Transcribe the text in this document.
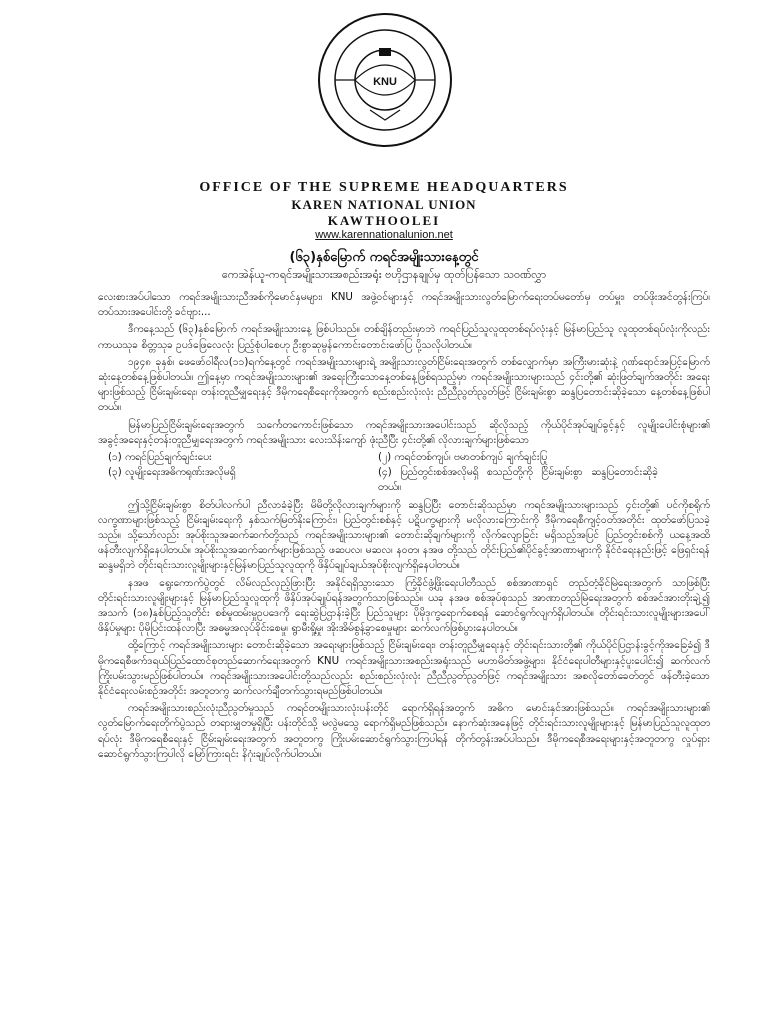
KNU
OFFICE OF THE SUPREME HEADQUARTERS
KAREN NATIONAL UNION
KAWTHOOLEI
www.karennationalunion.net
(၆၃)နှစ်မြောက် ကရင်အမျိုးသားနေ့တွင်
ကေအဲန်ယူ-ကရင်အမျိုးသားအစည်းအရုံး ဗဟိုဌာနချုပ်မှ ထုတ်ပြန်သော သဝဏ်လွှာ

လေးစားအပ်ပါသော ကရင်အမျိုးသားညီအစ်ကိုမောင်နှမများ၊ KNU အဖွဲ့ဝင်များနှင့် ကရင်အမျိုးသားလွတ်မြောက်ရေးတပ်မတော်မှ တပ်မှူး၊ တပ်ဖိုးအင်တွန်းကြပ်၊ တပ်သားအပေါင်းတို့ ခင်ဗျား...

ဒီကနေ့သည် (၆၃)နှစ်မြောက် ကရင်အမျိုးသားနေ့ ဖြစ်ပါသည်။ တစ်ချိန်တည်းမှာဘဲ ကရင်ပြည်သူလူထုတစ်ရပ်လုံးနှင့် မြန်မာပြည်သူ လူထုတစ်ရပ်လုံးကိုလည်း ကာယသုခ စိတ္တသုခ ဥပဒ်ဖြေလေလုံး ပြည့်စုံပါစေဟု ဦးစွာဆုမွန်ကောင်းတောင်းဖော်ပြ ပို့သလိုပါတယ်။

၁၉၄၈ ခုနှစ်၊ ဖေဖော်ဝါရီလ(၁၁)ရက်နေ့တွင် ကရင်အမျိုးသားများရဲ့ အမျိုးသားလွတ်ငြိမ်းရေးအတွက် တစ်လျှောက်မှာ အကြီးမားဆုံးနဲ့ ဂုဏ်ရောင်အပြင့်မြောက်ဆုံးနေ့တစ်နေ့ဖြစ်ပါတယ်။ ဤနေ့မှာ ကရင်အမျိုးသားများ၏ အရေးကြီးသောနေ့တစ်နေ့ဖြစ်ရသည့်မှာ ကရင်အမျိုးသားများသည် ၄င်းတို့၏ ဆုံးဖြတ်ချက်အတိုင်း အရေးများဖြစ်သည့် ငြိမ်းချမ်းရေး၊ တန်းတူညီမျှရေးနှင့် ဒီမိုကရေစီရေးကိုအတွက် စည်းစည်းလုံးလုံး ညီညီညွတ်ညွတ်ဖြင့် ငြိမ်းချမ်းစွာ ဆန္ဒပြတောင်းဆိုခဲ့သော နေ့တစ်နေ့ဖြစ်ပါတယ်။

မြန်မာပြည်ငြိမ်းချမ်းရေးအတွက် သင်္ကေတကောင်းဖြစ်သော ကရင်အမျိုးသားအပေါင်းသည် ဆိုလိုသည့် ကိုယ်ပိုင်အုပ်ချုပ်ခွင့်နှင့် လူမျိုးပေါင်းစုံများ၏ အခွင့်အရေးနှင့်တန်းတူညီမျှရေးအတွက် ကရင်အမျိုးသား လေးသိန်းကျော် ဖုံးညီပြီး ၄င်းတို့၏ လိုလားချက်များဖြစ်သော

(၁) ကရင်ပြည်ချက်ချင်းပေး	(၂) ကရင်တစ်ကျပ်၊ ဗမာတစ်ကျပ် ချက်ချင်းပြု
(၃) လူမျိုးရေးအဓိကရုဏ်းအလိုမရှိ	(၄) ပြည်တွင်းစစ်အလိုမရှိ စသည်တို့ကို ငြိမ်းချမ်းစွာ ဆန္ဒပြတောင်းဆိုခဲ့တယ်။

ဤသို့ငြိမ်းချမ်းစွာ စိတ်ပါလက်ပါ ညီလာခံခဲ့ပြီး မိမိတို့လိုလားချက်များကို ဆန္ဒပြပြီး တောင်းဆိုသည်မှာ ကရင်အမျိုးသားများသည် ၄င်းတို့၏ ပင်ကိုစရိုက်လက္ခဏာများဖြစ်သည့် ငြိမ်းချမ်းရေးကို နှစ်သက်မြတ်နိုးကြောင်း၊ ပြည်တွင်းစစ်နှင့် ပဋိပက္ခများကို မလိုလားကြောင်းကို ဒီမိုကရေစီကျင့်ဝတ်အတိုင်း ထုတ်ဖော်ပြသခဲ့သည်။ သို့သော်လည်း အုပ်စိုးသူအဆက်ဆက်တို့သည် ကရင်အမျိုးသားများ၏ တောင်းဆိုချက်များကို လိုက်လျောခြင်း မရှိသည့်အပြင် ပြည်တွင်းစစ်ကို ယနေ့အထိ ဖန်တီးလျက်ရှိနေပါတယ်။ အုပ်စိုးသူအဆက်ဆက်များဖြစ်သည့် ဖဆပလ၊ မဆလ၊ နဝတ၊ နအဖ တို့သည် တိုင်းပြည်၏ပိုင်ခွင့်အာဏာများကို နိုင်ငံရေးနည်းဖြင့် ဖြေရှင်းရန် ဆန္ဒမရှိဘဲ တိုင်းရင်းသားလူမျိုးများနှင့်မြန်မာပြည်သူလူထုကို ဖိနှိပ်ချုပ်ချယ်အုပ်စိုးလျက်ရှိနေပါတယ်။

နအဖ ရွေးကောက်ပွဲတွင် လိမ်လည်လှည့်ဖြားပြီး အနိုင်ရရှိသွားသော ကြံ့ခိုင်ဖွံ့ဖြိုးရေးပါတီသည် စစ်အာဏာရှင် တည်တံ့ခိုင်မြဲရေးအတွက် သာဖြစ်ပြီး တိုင်းရင်းသားလူမျိုးများနှင့် မြန်မာပြည်သူလူထုကို ဖိနှိပ်အုပ်ချုပ်ရန်အတွက်သာဖြစ်သည်။ ယခု နအဖ စစ်အုပ်စုသည် အာဏာတည်မြဲရေးအတွက် စစ်အင်အားတိုးချဲ့၍ အသက် (၁၈)နှစ်ပြည့်သူတိုင်း စစ်မှုထမ်းမှုဥပဒေကို ရေးဆွဲပြဌာန်းခဲ့ပြီး ပြည်သူများ ပိုမိုဒုက္ခရောက်စေရန် ဆောင်ရွက်လျက်ရှိပါတယ်။ တိုင်းရင်းသားလူမျိုးများအပေါ် ဖိနှိပ်မှုများ ပိုမိုပြင်းထန်လာပြီး အဓမ္မအလုပ်ခိုင်းစေမှု၊ ရွာမီးရှို့မှု၊ အိုးအိမ်စွန့်ခွာစေမှုများ ဆက်လက်ဖြစ်ပွားနေပါတယ်။

ထို့ကြောင့် ကရင်အမျိုးသားများ တောင်းဆိုခဲ့သော အရေးများဖြစ်သည့် ငြိမ်းချမ်းရေး၊ တန်းတူညီမျှရေးနှင့် တိုင်းရင်းသားတို့၏ ကိုယ်ပိုင်ပြဌာန်းခွင့်ကိုအခြေခံ၍ ဒီမိုကရေစီဖက်ဒရယ်ပြည်ထောင်စုတည်ဆောက်ရေးအတွက် KNU ကရင်အမျိုးသားအစည်းအရုံးသည် မဟာမိတ်အဖွဲ့များ၊ နိုင်ငံရေးပါတီများနှင့်ပူးပေါင်း၍ ဆက်လက်ကြိုးပမ်းသွားမည်ဖြစ်ပါတယ်။ ကရင်အမျိုးသားအပေါင်းတို့သည်လည်း စည်းစည်းလုံးလုံး ညီညီညွတ်ညွတ်ဖြင့် ကရင်အမျိုးသား အစလိုတော်ခေတ်တွင် ဖန်တီးခဲ့သောနိုင်ငံရေးလမ်းစဉ်အတိုင်း အတူတကွ ဆက်လက်ချီတက်သွားရမည်ဖြစ်ပါတယ်။

ကရင်အမျိုးသားစည်းလုံးညီညွတ်မှုသည် ကရင်တမျိုးသားလုံးပန်းတိုင် ရောက်ရှိရန်အတွက် အဓိက မောင်းနှင်အားဖြစ်သည်။ ကရင်အမျိုးသားများ၏ လွတ်မြောက်ရေးတိုက်ပွဲသည် တရားမျှတမှုရှိပြီး ပန်းတိုင်သို့ မလွဲမသွေ ရောက်ရှိမည်ဖြစ်သည်။ နောက်ဆုံးအနေဖြင့် တိုင်းရင်းသားလူမျိုးများနှင့် မြန်မာပြည်သူလူထုတရပ်လုံး ဒီမိုကရေစီရေးနှင့် ငြိမ်းချမ်းရေးအတွက် အတူတကွ ကြိုးပမ်းဆောင်ရွက်သွားကြပါရန် တိုက်တွန်းအပ်ပါသည်။ ဒီမိုကရေစီအရေးများနှင့်အတူတကွ လှုပ်ရှားဆောင်ရွက်သွားကြပါလို မြော်ကြားရင်း နိဂုံးချုပ်လိုက်ပါတယ်။
